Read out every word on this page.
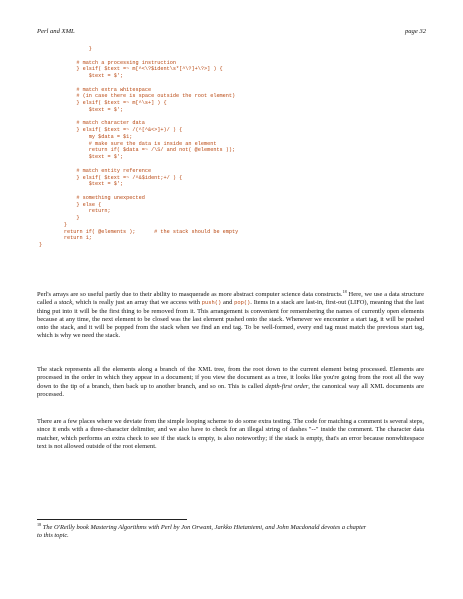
Perl and XML	page 32
}
# match a processing instruction
} elsif( $text =~ m[^<\?$ident\s*[^\?]+\?>] ) {
$text = $';
# match extra whitespace
# (in case there is space outside the root element)
} elsif( $text =~ m[^\s+] ) {
$text = $';
# match character data
} elsif( $text =~ /(^[^&<>]+)/ ) {
my $data = $1;
# make sure the data is inside an element
return if( $data =~ /\S/ and not( @elements ));
$text = $';
# match entity reference
} elsif( $text =~ /^&$ident;+/ ) {
$text = $';
# something unexpected
} else {
return;
}
}
return if( @elements );      # the stack should be empty
return 1;
}

Perl's arrays are so useful partly due to their ability to masquerade as more abstract computer science data constructs.$^{18}$ Here, we use a data structure called a stack, which is really just an array that we access with push() and pop(). Items in a stack are last-in, first-out (LIFO), meaning that the last thing put into it will be the first thing to be removed from it. This arrangement is convenient for remembering the names of currently open elements because at any time, the next element to be closed was the last element pushed onto the stack. Whenever we encounter a start tag, it will be pushed onto the stack, and it will be popped from the stack when we find an end tag. To be well-formed, every end tag must match the previous start tag, which is why we need the stack.

The stack represents all the elements along a branch of the XML tree, from the root down to the current element being processed. Elements are processed in the order in which they appear in a document; if you view the document as a tree, it looks like you're going from the root all the way down to the tip of a branch, then back up to another branch, and so on. This is called depth-first order, the canonical way all XML documents are processed.

There are a few places where we deviate from the simple looping scheme to do some extra testing. The code for matching a comment is several steps, since it ends with a three-character delimiter, and we also have to check for an illegal string of dashes "--" inside the comment. The character data matcher, which performs an extra check to see if the stack is empty, is also noteworthy; if the stack is empty, that's an error because nonwhitespace text is not allowed outside of the root element.

$^{18}$ The O'Reilly book Mastering Algorithms with Perl by Jon Orwant, Jarkko Hietaniemi, and John Macdonald devotes a chapter to this topic.
